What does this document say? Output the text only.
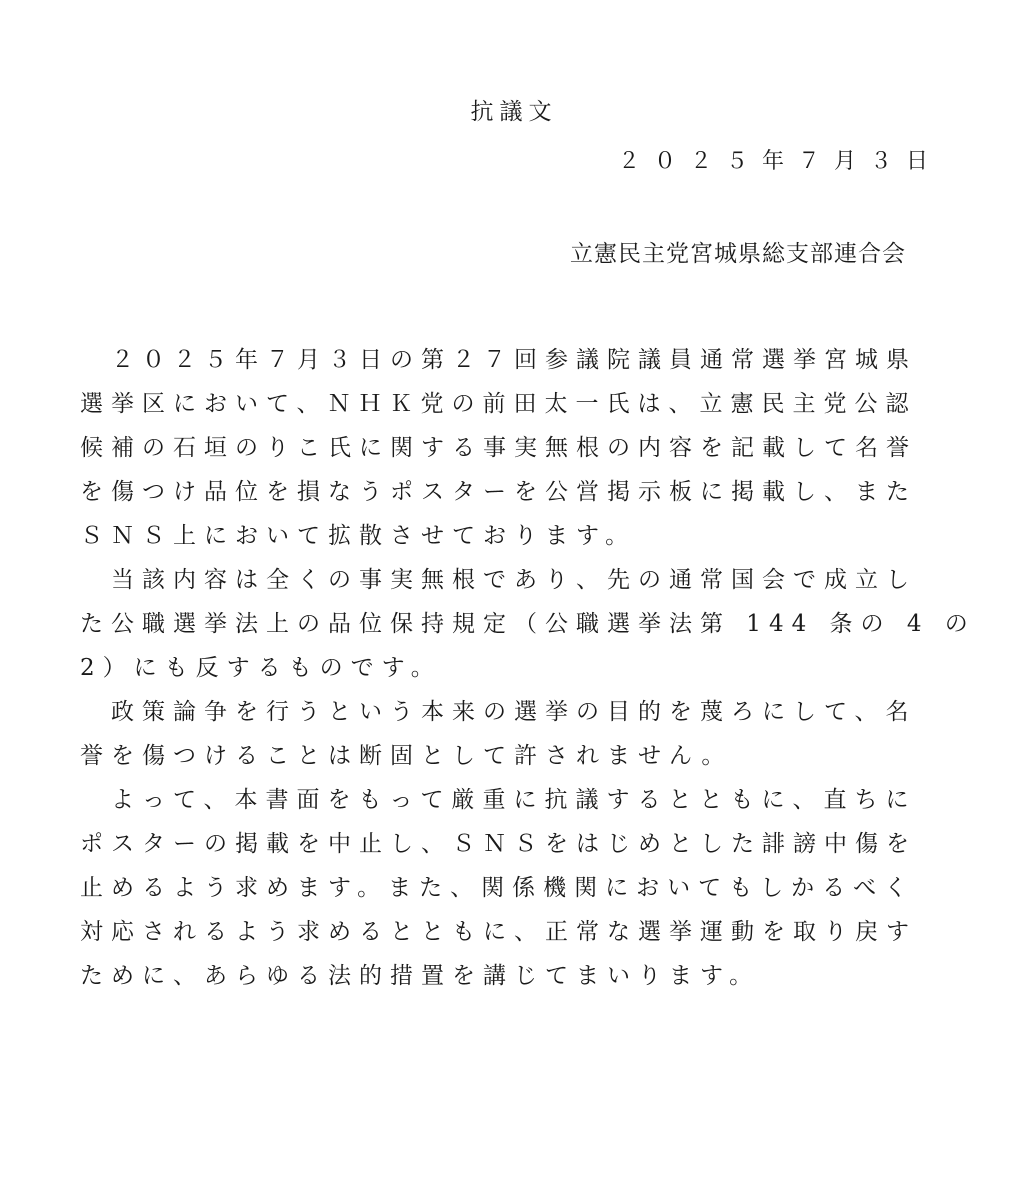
抗議文
２０２５年７月３日
立憲民主党宮城県総支部連合会
　２０２５年７月３日の第２７回参議院議員通常選挙宮城県
選挙区において、ＮＨＫ党の前田太一氏は、立憲民主党公認
候補の石垣のりこ氏に関する事実無根の内容を記載して名誉
を傷つけ品位を損なうポスターを公営掲示板に掲載し、また
ＳＮＳ上において拡散させております。
　当該内容は全くの事実無根であり、先の通常国会で成立し
た公職選挙法上の品位保持規定（公職選挙法第 144 条の 4 の
2）にも反するものです。
　政策論争を行うという本来の選挙の目的を蔑ろにして、名
誉を傷つけることは断固として許されません。
　よって、本書面をもって厳重に抗議するとともに、直ちに
ポスターの掲載を中止し、ＳＮＳをはじめとした誹謗中傷を
止めるよう求めます。また、関係機関においてもしかるべく
対応されるよう求めるとともに、正常な選挙運動を取り戻す
ために、あらゆる法的措置を講じてまいります。
